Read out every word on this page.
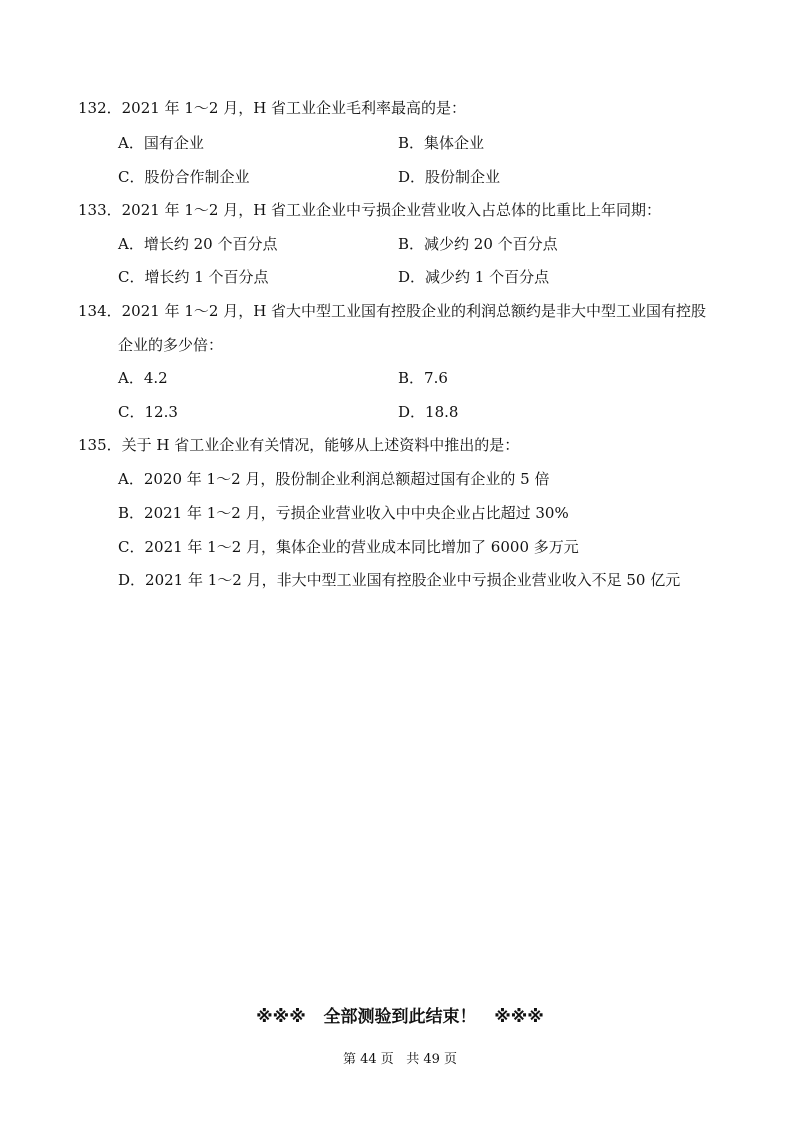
132．2021 年 1～2 月，H 省工业企业毛利率最高的是：
A．国有企业	B．集体企业
C．股份合作制企业	D．股份制企业
133．2021 年 1～2 月，H 省工业企业中亏损企业营业收入占总体的比重比上年同期：
A．增长约 20 个百分点	B．减少约 20 个百分点
C．增长约 1 个百分点	D．减少约 1 个百分点
134．2021 年 1～2 月，H 省大中型工业国有控股企业的利润总额约是非大中型工业国有控股
企业的多少倍：
A．4.2	B．7.6
C．12.3	D．18.8
135．关于 H 省工业企业有关情况，能够从上述资料中推出的是：
A．2020 年 1～2 月，股份制企业利润总额超过国有企业的 5 倍
B．2021 年 1～2 月，亏损企业营业收入中中央企业占比超过 30%
C．2021 年 1～2 月，集体企业的营业成本同比增加了 6000 多万元
D．2021 年 1～2 月，非大中型工业国有控股企业中亏损企业营业收入不足 50 亿元
※※※   全部测验到此结束！   ※※※
第 44 页   共 49 页
